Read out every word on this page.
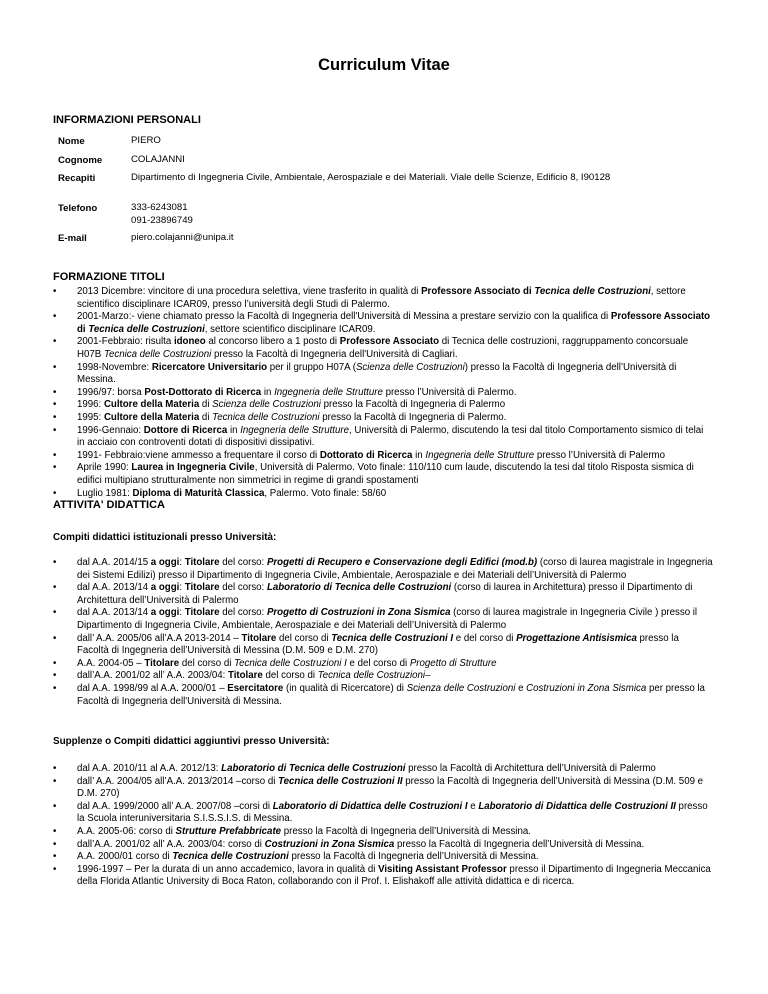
Curriculum Vitae
INFORMAZIONI PERSONALI
Nome	PIERO
Cognome	COLAJANNI
Recapiti	Dipartimento di Ingegneria Civile, Ambientale, Aerospaziale e dei Materiali. Viale delle Scienze, Edificio 8, I90128
Telefono	333-6243081
091-23896749
E-mail	piero.colajanni@unipa.it
FORMAZIONE TITOLI
• 2013 Dicembre: vincitore di una procedura selettiva, viene trasferito in qualità di Professore Associato di Tecnica delle Costruzioni, settore scientifico disciplinare ICAR09, presso l’università degli Studi di Palermo.
• 2001-Marzo:- viene chiamato presso la Facoltà di Ingegneria dell'Università di Messina a prestare servizio con la qualifica di Professore Associato di Tecnica delle Costruzioni, settore scientifico disciplinare ICAR09.
• 2001-Febbraio: risulta idoneo al concorso libero a 1 posto di Professore Associato di Tecnica delle costruzioni, raggruppamento concorsuale H07B Tecnica delle Costruzioni presso la Facoltà di Ingegneria dell'Università di Cagliari.
• 1998-Novembre: Ricercatore Universitario per il gruppo H07A (Scienza delle Costruzioni) presso la Facoltà di Ingegneria dell’Università di Messina.
• 1996/97: borsa Post-Dottorato di Ricerca in Ingegneria delle Strutture presso l’Università di Palermo.
• 1996: Cultore della Materia di Scienza delle Costruzioni presso la Facoltà di Ingegneria di Palermo
• 1995: Cultore della Materia di Tecnica delle Costruzioni presso la Facoltà di Ingegneria di Palermo.
• 1996-Gennaio: Dottore di Ricerca in Ingegneria delle Strutture, Università di Palermo, discutendo la tesi dal titolo Comportamento sismico di telai in acciaio con controventi dotati di dispositivi dissipativi.
• 1991- Febbraio:viene ammesso a frequentare il corso di Dottorato di Ricerca in Ingegneria delle Strutture presso l’Università di Palermo
• Aprile 1990: Laurea in Ingegneria Civile, Università di Palermo. Voto finale: 110/110 cum laude, discutendo la tesi dal titolo Risposta sismica di edifici multipiano strutturalmente non simmetrici in regime di grandi spostamenti
• Luglio 1981: Diploma di Maturità Classica, Palermo. Voto finale: 58/60
ATTIVITA' DIDATTICA
Compiti didattici istituzionali presso Università:
• dal A.A. 2014/15 a oggi: Titolare del corso: Progetti di Recupero e Conservazione degli Edifici (mod.b) (corso di laurea magistrale in Ingegneria dei Sistemi Edilizi) presso il Dipartimento di Ingegneria Civile, Ambientale, Aerospaziale e dei Materiali dell’Università di Palermo
• dal A.A. 2013/14 a oggi: Titolare del corso: Laboratorio di Tecnica delle Costruzioni (corso di laurea in Architettura) presso il Dipartimento di Architettura dell’Università di Palermo
• dal A.A. 2013/14 a oggi: Titolare del corso: Progetto di Costruzioni in Zona Sismica (corso di laurea magistrale in Ingegneria Civile ) presso il Dipartimento di Ingegneria Civile, Ambientale, Aerospaziale e dei Materiali dell’Università di Palermo
• dall’ A.A. 2005/06 all’A.A 2013-2014 – Titolare del corso di Tecnica delle Costruzioni I e del corso di Progettazione Antisismica presso la Facoltà di Ingegneria dell’Università di Messina (D.M. 509 e D.M. 270)
• A.A. 2004-05 – Titolare del corso di Tecnica delle Costruzioni I e del corso di Progetto di Strutture
• dall’A.A. 2001/02 all’ A.A. 2003/04: Titolare del corso di Tecnica delle Costruzioni–
• dal A.A. 1998/99 al A.A. 2000/01 – Esercitatore (in qualità di Ricercatore) di Scienza delle Costruzioni e Costruzioni in Zona Sismica per presso la Facoltà di Ingegneria dell'Università di Messina.
Supplenze o Compiti didattici aggiuntivi presso Università:
• dal A.A. 2010/11 al A.A. 2012/13: Laboratorio di Tecnica delle Costruzioni presso la Facoltà di Architettura dell’Università di Palermo
• dall’ A.A. 2004/05 all’A.A. 2013/2014 –corso di Tecnica delle Costruzioni II presso la Facoltà di Ingegneria dell’Università di Messina (D.M. 509 e D.M. 270)
• dal A.A. 1999/2000 all’ A.A. 2007/08 –corsi di Laboratorio di Didattica delle Costruzioni I e Laboratorio di Didattica delle Costruzioni II presso la Scuola interuniversitaria S.I.S.S.I.S. di Messina.
• A.A. 2005-06: corso di Strutture Prefabbricate presso la Facoltà di Ingegneria dell’Università di Messina.
• dall’A.A. 2001/02 all’ A.A. 2003/04: corso di Costruzioni in Zona Sismica presso la Facoltà di Ingegneria dell’Università di Messina.
• A.A. 2000/01 corso di Tecnica delle Costruzioni presso la Facoltà di Ingegneria dell’Università di Messina.
• 1996-1997 – Per la durata di un anno accademico, lavora in qualità di Visiting Assistant Professor presso il Dipartimento di Ingegneria Meccanica della Florida Atlantic University di Boca Raton, collaborando con il Prof. I. Elishakoff alle attività didattica e di ricerca.
